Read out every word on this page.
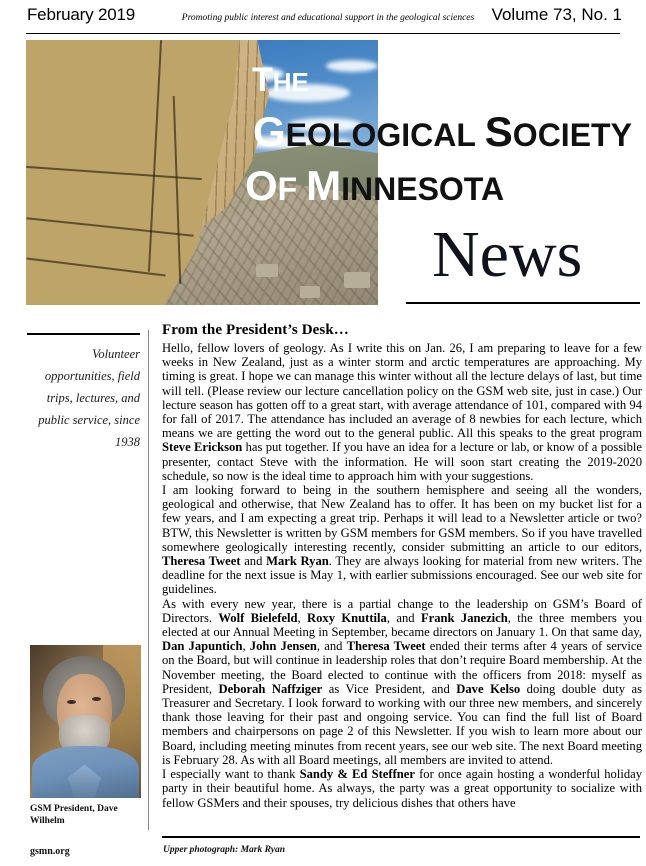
February 2019	Promoting public interest and educational support in the geological sciences	Volume 73, No. 1
THE
GEOLOGICAL SOCIETY
OF MINNESOTA
News
Volunteer opportunities, field trips, lectures, and public service, since 1938
GSM President, Dave Wilhelm
From the President’s Desk…

Hello, fellow lovers of geology. As I write this on Jan. 26, I am preparing to leave for a few weeks in New Zealand, just as a winter storm and arctic temperatures are approaching. My timing is great. I hope we can manage this winter without all the lecture delays of last, but time will tell. (Please review our lecture cancellation policy on the GSM web site, just in case.) Our lecture season has gotten off to a great start, with average attendance of 101, compared with 94 for fall of 2017. The attendance has included an average of 8 newbies for each lecture, which means we are getting the word out to the general public. All this speaks to the great program Steve Erickson has put together. If you have an idea for a lecture or lab, or know of a possible presenter, contact Steve with the information. He will soon start creating the 2019-2020 schedule, so now is the ideal time to approach him with your suggestions.

I am looking forward to being in the southern hemisphere and seeing all the wonders, geological and otherwise, that New Zealand has to offer. It has been on my bucket list for a few years, and I am expecting a great trip. Perhaps it will lead to a Newsletter article or two? BTW, this Newsletter is written by GSM members for GSM members. So if you have travelled somewhere geologically interesting recently, consider submitting an article to our editors, Theresa Tweet and Mark Ryan. They are always looking for material from new writers. The deadline for the next issue is May 1, with earlier submissions encouraged. See our web site for guidelines.

As with every new year, there is a partial change to the leadership on GSM’s Board of Directors. Wolf Bielefeld, Roxy Knuttila, and Frank Janezich, the three members you elected at our Annual Meeting in September, became directors on January 1. On that same day, Dan Japuntich, John Jensen, and Theresa Tweet ended their terms after 4 years of service on the Board, but will continue in leadership roles that don’t require Board membership. At the November meeting, the Board elected to continue with the officers from 2018: myself as President, Deborah Naffziger as Vice President, and Dave Kelso doing double duty as Treasurer and Secretary. I look forward to working with our three new members, and sincerely thank those leaving for their past and ongoing service. You can find the full list of Board members and chairpersons on page 2 of this Newsletter. If you wish to learn more about our Board, including meeting minutes from recent years, see our web site. The next Board meeting is February 28. As with all Board meetings, all members are invited to attend.

I especially want to thank Sandy & Ed Steffner for once again hosting a wonderful holiday party in their beautiful home. As always, the party was a great opportunity to socialize with fellow GSMers and their spouses, try delicious dishes that others have

gsmn.org	Upper photograph: Mark Ryan
